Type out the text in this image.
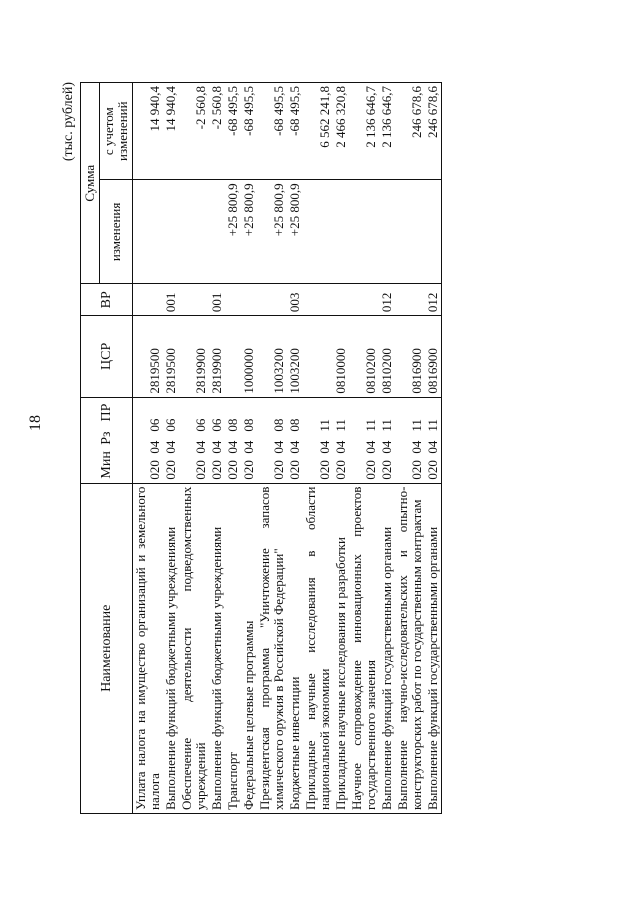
18
(тыс. рублей)
Наименование	Мин Рз ПР	ЦСР	ВР	Сумма	
				изменения	с учетом изменений
Уплата налога на имущество организаций и земельного налога	0200406	2819500			14 940,4
Выполнение функций бюджетными учреждениями	0200406	2819500	001		14 940,4
Обеспечение деятельности подведомственных учреждений	0200406	2819900			-2 560,8
Выполнение функций бюджетными учреждениями	0200406	2819900	001		-2 560,8
Транспорт	0200408			+25 800,9	-68 495,5
Федеральные целевые программы	0200408	1000000		+25 800,9	-68 495,5
Президентская программа "Уничтожение запасов химического оружия в Российской Федерации"	0200408	1003200		+25 800,9	-68 495,5
Бюджетные инвестиции	0200408	1003200	003	+25 800,9	-68 495,5
Прикладные научные исследования в области национальной экономики	0200411				6 562 241,8
Прикладные научные исследования и разработки	0200411	0810000			2 466 320,8
Научное сопровождение инновационных проектов государственного значения	0200411	0810200			2 136 646,7
Выполнение функций государственными органами	0200411	0810200	012		2 136 646,7
Выполнение научно-исследовательских и опытно-конструкторских работ по государственным контрактам	0200411	0816900			246 678,6
Выполнение функций государственными органами	0200411	0816900	012		246 678,6
